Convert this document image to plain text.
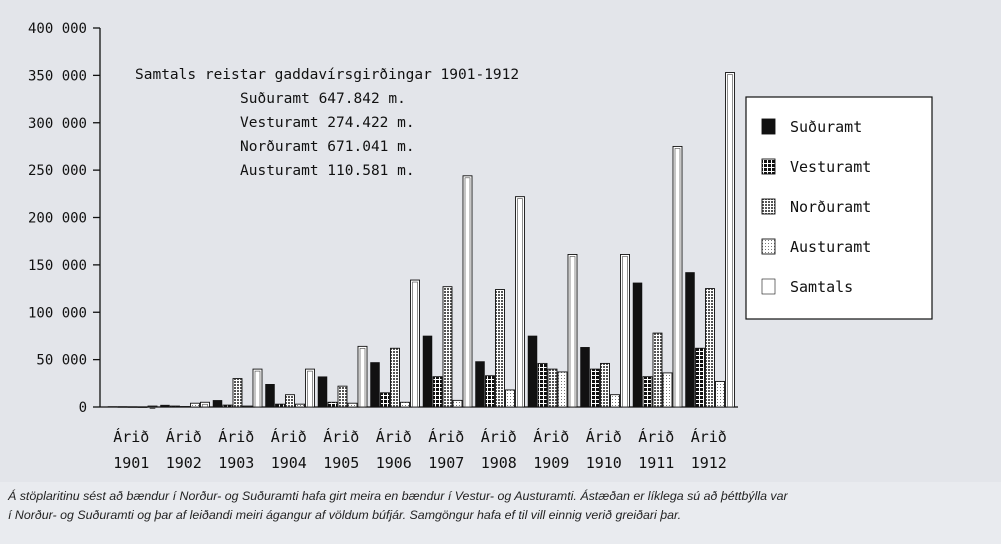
0
50 000
100 000
150 000
200 000
250 000
300 000
350 000
400 000
Árið
1901
Árið
1902
Árið
1903
Árið
1904
Árið
1905
Árið
1906
Árið
1907
Árið
1908
Árið
1909
Árið
1910
Árið
1911
Árið
1912
Samtals reistar gaddavírsgirðingar 1901-1912
Suðuramt 647.842 m.
Vesturamt 274.422 m.
Norðuramt 671.041 m.
Austuramt 110.581 m.
Suðuramt
Vesturamt
Norðuramt
Austuramt
Samtals
Á stöplaritinu sést að bændur í Norður- og Suðuramti hafa girt meira en bændur í Vestur- og Austuramti. Ástæðan er líklega sú að þéttbýlla var
í Norður- og Suðuramti og þar af leiðandi meiri ágangur af völdum búfjár. Samgöngur hafa ef til vill einnig verið greiðari þar.
